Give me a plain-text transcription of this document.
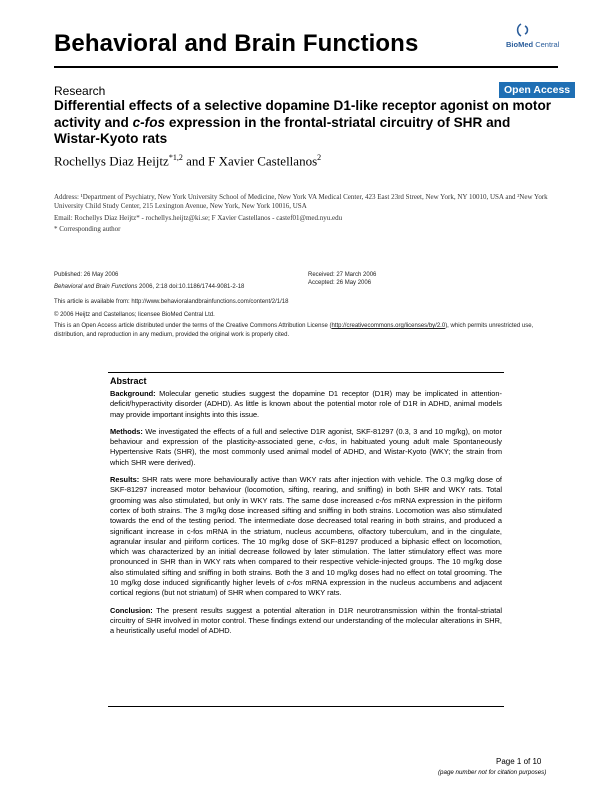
Behavioral and Brain Functions	BioMed Central
Research	Open Access
Differential effects of a selective dopamine D1-like receptor agonist on motor activity and c-fos expression in the frontal-striatal circuitry of SHR and Wistar-Kyoto rats
Rochellys Diaz Heijtz$^{*1,2}$ and F Xavier Castellanos$^2$
Address: ¹Department of Psychiatry, New York University School of Medicine, New York VA Medical Center, 423 East 23rd Street, New York, NY 10010, USA and ²New York University Child Study Center, 215 Lexington Avenue, New York, New York 10016, USA
Email: Rochellys Diaz Heijtz* - rochellys.heijtz@ki.se; F Xavier Castellanos - castef01@med.nyu.edu
* Corresponding author
Published: 26 May 2006
Behavioral and Brain Functions 2006, 2:18 doi:10.1186/1744-9081-2-18
Received: 27 March 2006
Accepted: 26 May 2006
This article is available from: http://www.behavioralandbrainfunctions.com/content/2/1/18
© 2006 Heijtz and Castellanos; licensee BioMed Central Ltd.
This is an Open Access article distributed under the terms of the Creative Commons Attribution License (http://creativecommons.org/licenses/by/2.0), which permits unrestricted use, distribution, and reproduction in any medium, provided the original work is properly cited.
Abstract

Background: Molecular genetic studies suggest the dopamine D1 receptor (D1R) may be implicated in attention-deficit/hyperactivity disorder (ADHD). As little is known about the potential motor role of D1R in ADHD, animal models may provide important insights into this issue.

Methods: We investigated the effects of a full and selective D1R agonist, SKF-81297 (0.3, 3 and 10 mg/kg), on motor behaviour and expression of the plasticity-associated gene, c-fos, in habituated young adult male Spontaneously Hypertensive Rats (SHR), the most commonly used animal model of ADHD, and Wistar-Kyoto (WKY; the strain from which SHR were derived).

Results: SHR rats were more behaviourally active than WKY rats after injection with vehicle. The 0.3 mg/kg dose of SKF-81297 increased motor behaviour (locomotion, sifting, rearing, and sniffing) in both SHR and WKY rats. Total grooming was also stimulated, but only in WKY rats. The same dose increased c-fos mRNA expression in the piriform cortex of both strains. The 3 mg/kg dose increased sifting and sniffing in both strains. Locomotion was also stimulated towards the end of the testing period. The intermediate dose decreased total rearing in both strains, and produced a significant increase in c-fos mRNA in the striatum, nucleus accumbens, olfactory tuberculum, and in the cingulate, agranular insular and piriform cortices. The 10 mg/kg dose of SKF-81297 produced a biphasic effect on locomotion, which was characterized by an initial decrease followed by later stimulation. The latter stimulatory effect was more pronounced in SHR than in WKY rats when compared to their respective vehicle-injected groups. The 10 mg/kg dose also stimulated sifting and sniffing in both strains. Both the 3 and 10 mg/kg doses had no effect on total grooming. The 10 mg/kg dose induced significantly higher levels of c-fos mRNA expression in the nucleus accumbens and adjacent cortical regions (but not striatum) of SHR when compared to WKY rats.

Conclusion: The present results suggest a potential alteration in D1R neurotransmission within the frontal-striatal circuitry of SHR involved in motor control. These findings extend our understanding of the molecular alterations in SHR, a heuristically useful model of ADHD.

Page 1 of 10
(page number not for citation purposes)
